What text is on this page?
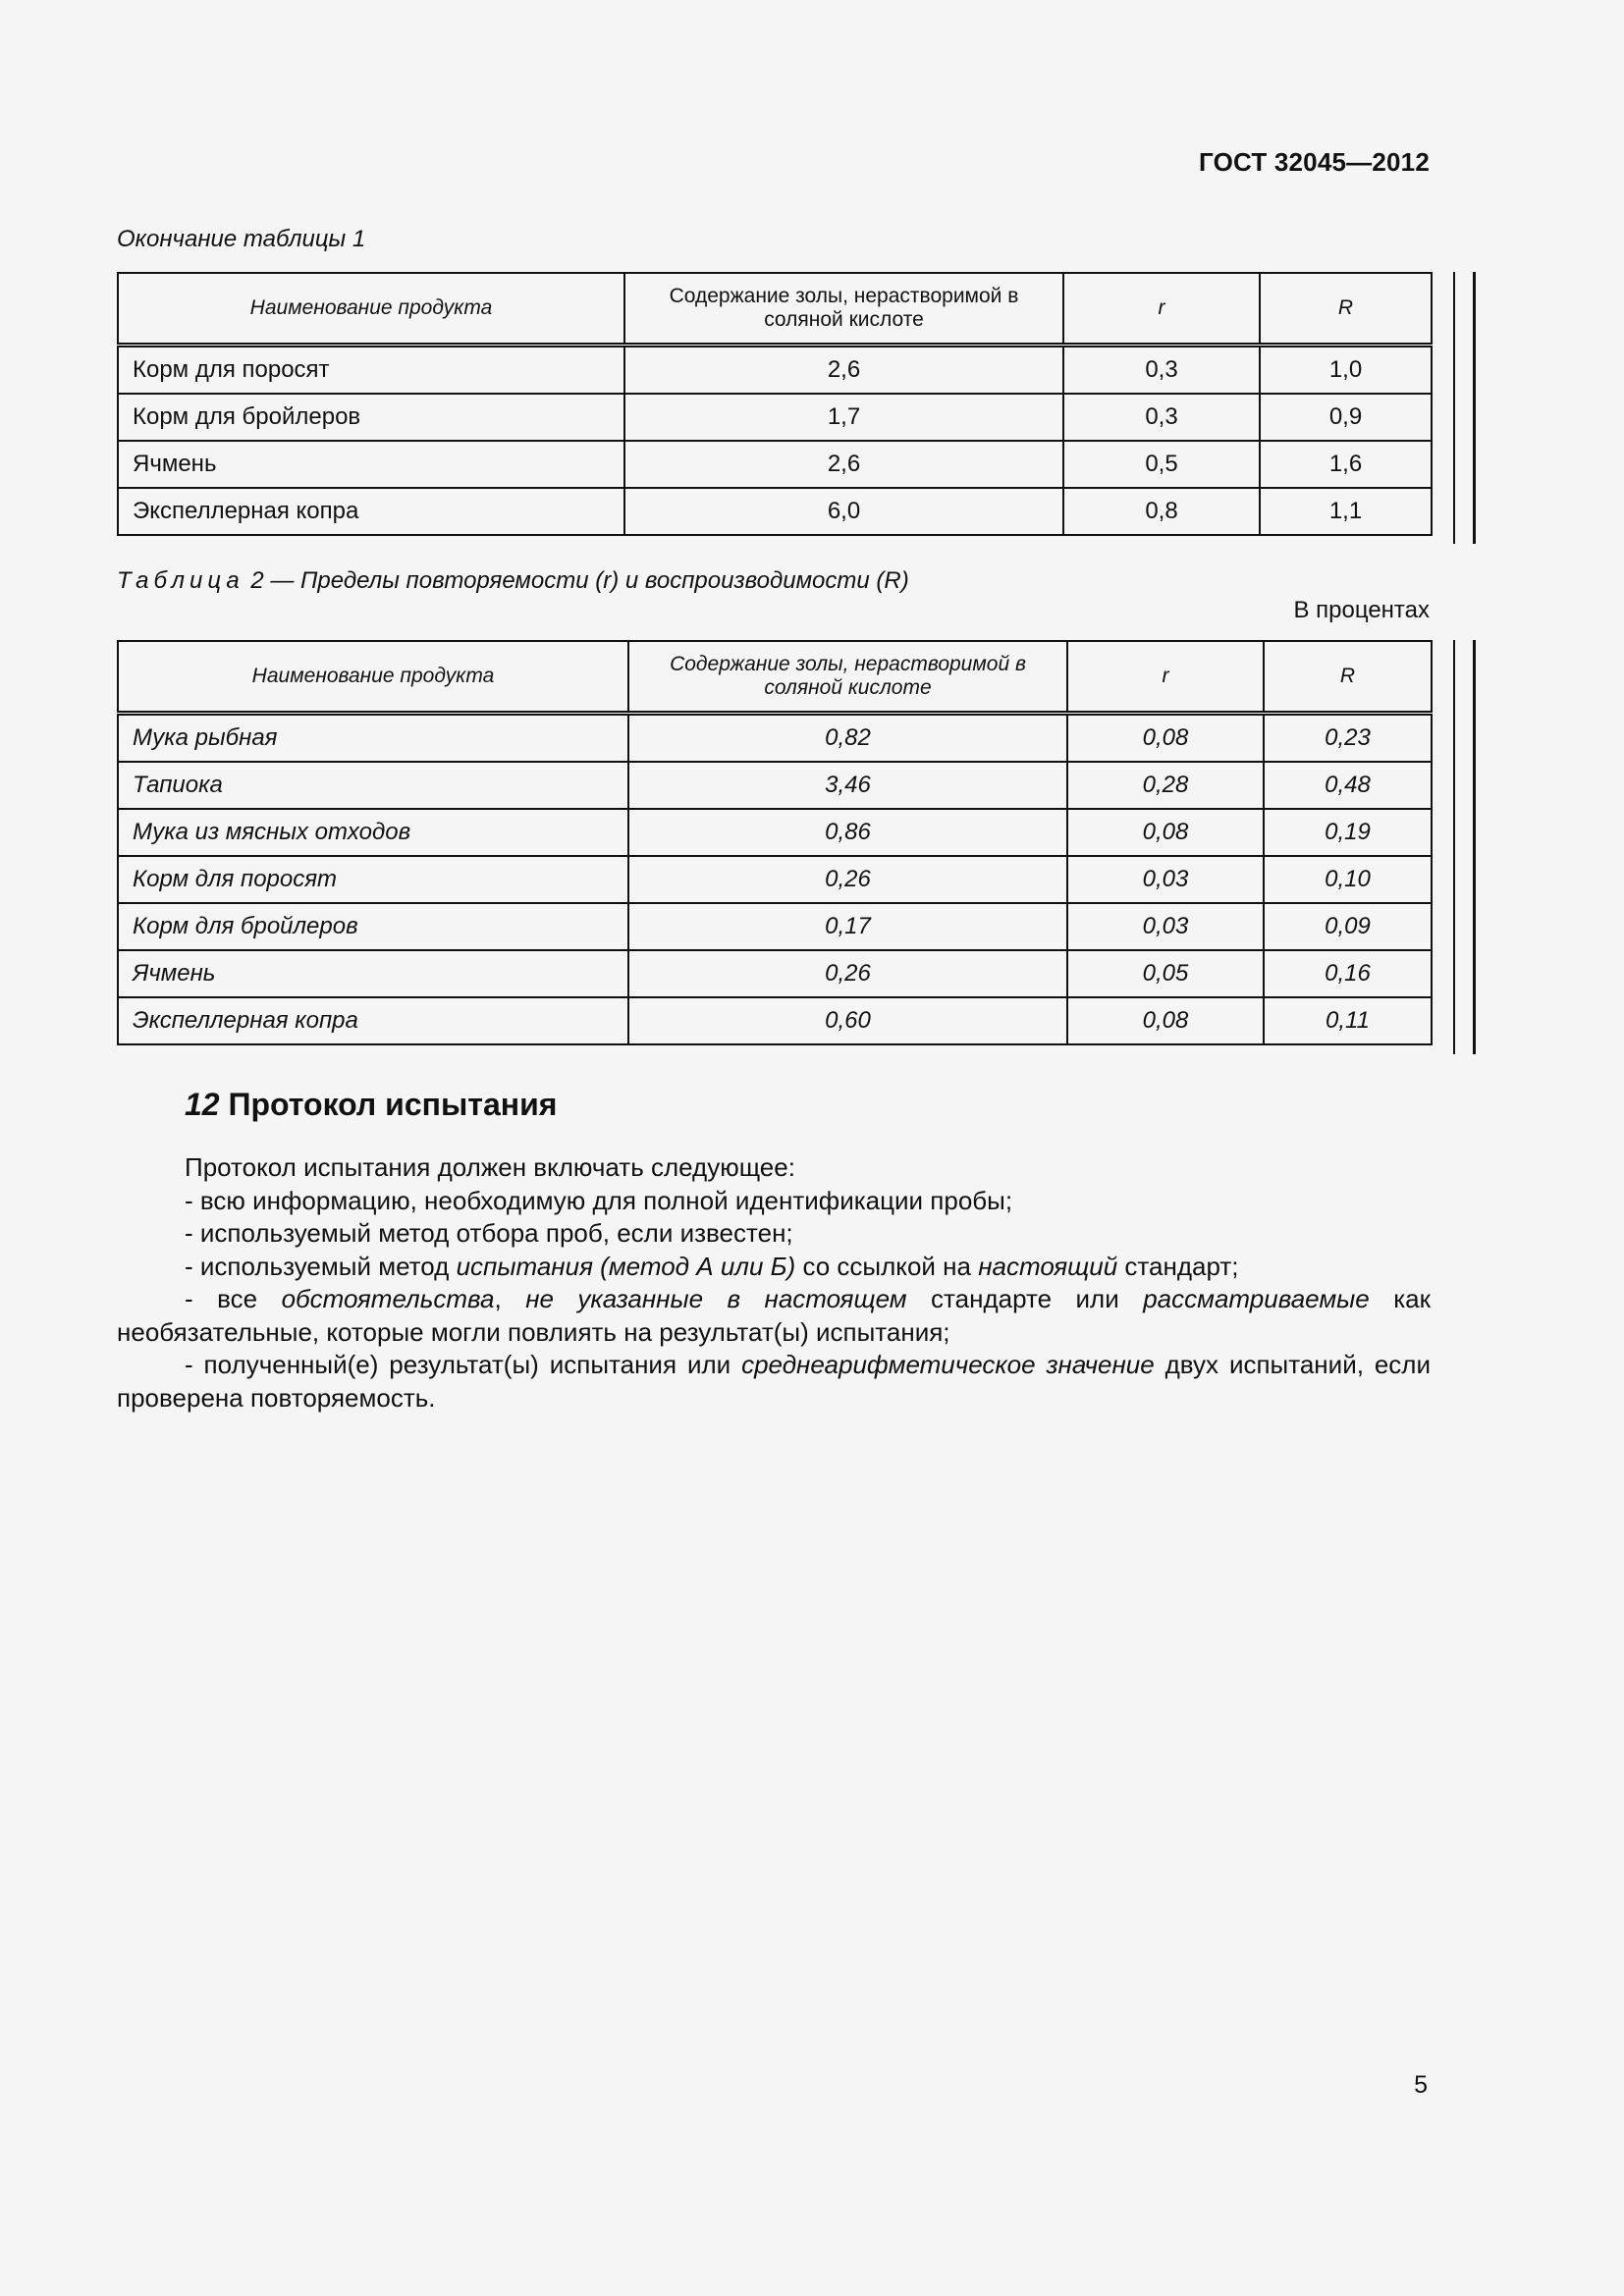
ГОСТ 32045—2012
Окончание таблицы 1
Наименование продукта	Содержание золы, нерастворимой в соляной кислоте	r	R
Корм для поросят	2,6	0,3	1,0
Корм для бройлеров	1,7	0,3	0,9
Ячмень	2,6	0,5	1,6
Экспеллерная копра	6,0	0,8	1,1
Таблица 2 — Пределы повторяемости (r) и воспроизводимости (R)
В процентах
Наименование продукта	Содержание золы, нерастворимой в соляной кислоте	r	R
Мука рыбная	0,82	0,08	0,23
Тапиока	3,46	0,28	0,48
Мука из мясных отходов	0,86	0,08	0,19
Корм для поросят	0,26	0,03	0,10
Корм для бройлеров	0,17	0,03	0,09
Ячмень	0,26	0,05	0,16
Экспеллерная копра	0,60	0,08	0,11
12 Протокол испытания

Протокол испытания должен включать следующее:

- всю информацию, необходимую для полной идентификации пробы;

- используемый метод отбора проб, если известен;

- используемый метод испытания (метод А или Б) со ссылкой на настоящий стандарт;

- все обстоятельства, не указанные в настоящем стандарте или рассматриваемые как необязательные, которые могли повлиять на результат(ы) испытания;

- полученный(е) результат(ы) испытания или среднеарифметическое значение двух испытаний, если проверена повторяемость.

5
